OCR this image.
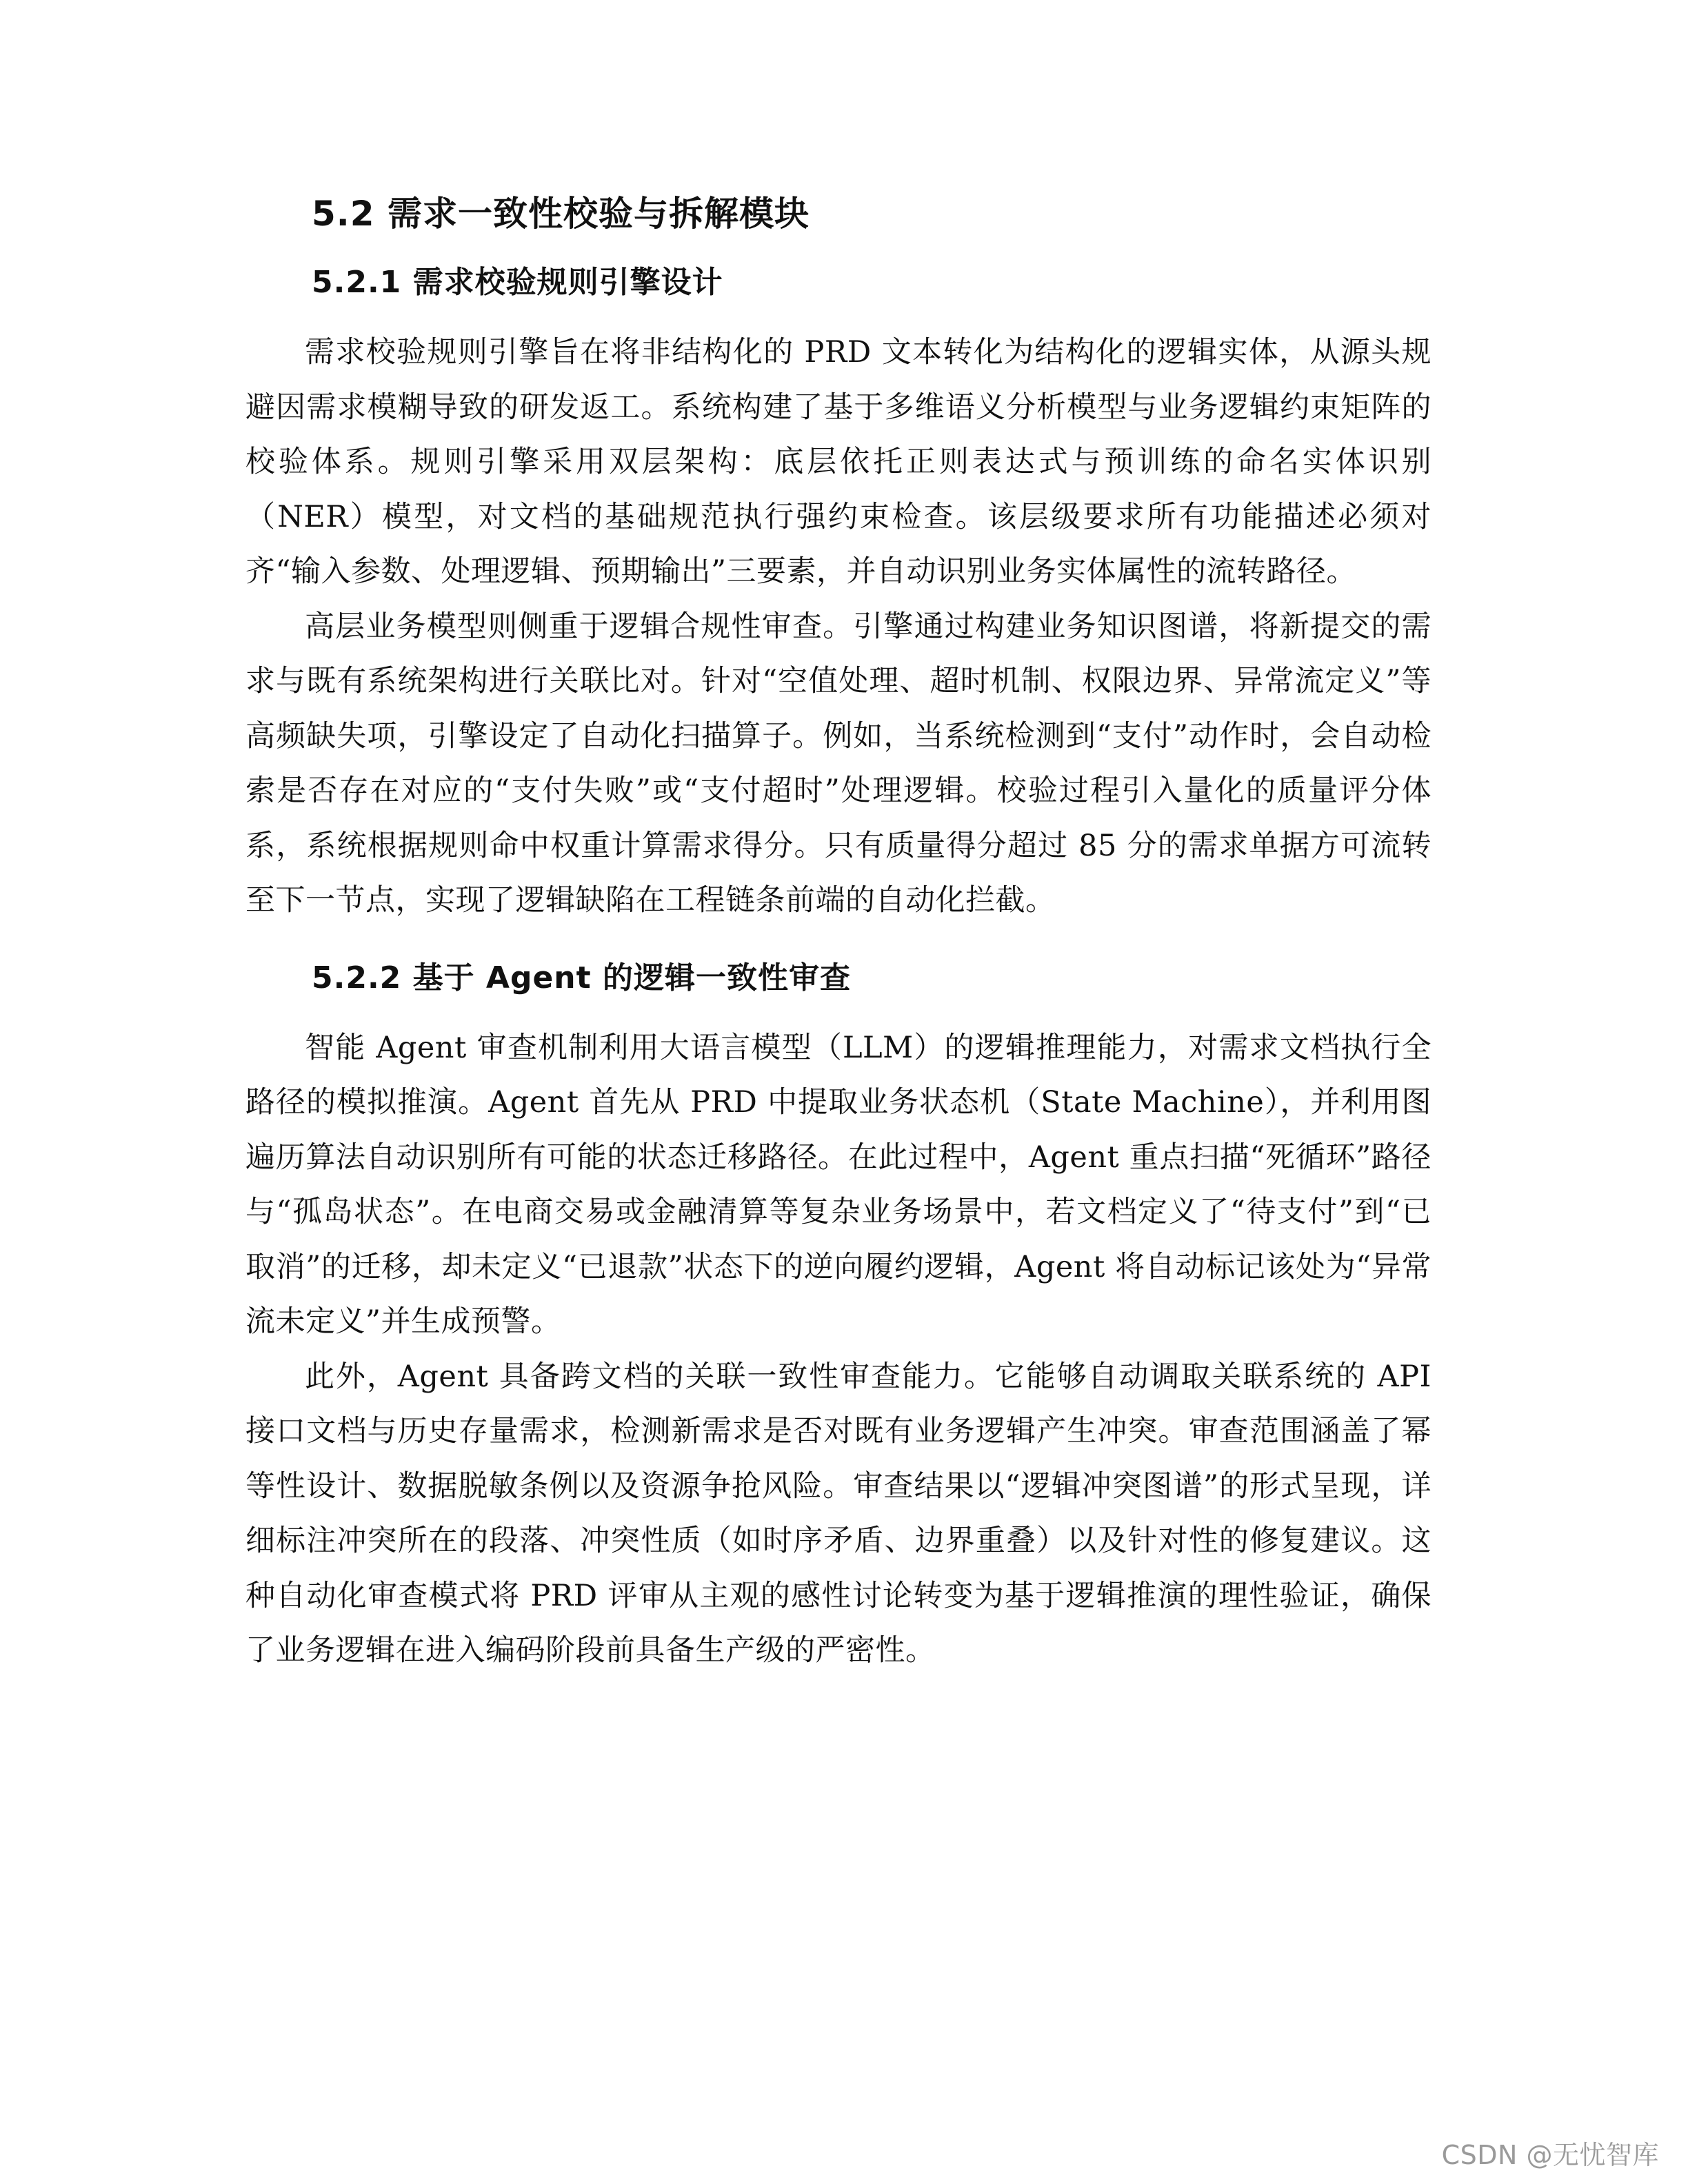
5.2 需求一致性校验与拆解模块
5.2.1 需求校验规则引擎设计

需求校验规则引擎旨在将非结构化的 PRD 文本转化为结构化的逻辑实体，从源头规避因需求模糊导致的研发返工。系统构建了基于多维语义分析模型与业务逻辑约束矩阵的校验体系。规则引擎采用双层架构：底层依托正则表达式与预训练的命名实体识别（NER）模型，对文档的基础规范执行强约束检查。该层级要求所有功能描述必须对齐“输入参数、处理逻辑、预期输出”三要素，并自动识别业务实体属性的流转路径。

高层业务模型则侧重于逻辑合规性审查。引擎通过构建业务知识图谱，将新提交的需求与既有系统架构进行关联比对。针对“空值处理、超时机制、权限边界、异常流定义”等高频缺失项，引擎设定了自动化扫描算子。例如，当系统检测到“支付”动作时，会自动检索是否存在对应的“支付失败”或“支付超时”处理逻辑。校验过程引入量化的质量评分体系，系统根据规则命中权重计算需求得分。只有质量得分超过 85 分的需求单据方可流转至下一节点，实现了逻辑缺陷在工程链条前端的自动化拦截。

5.2.2 基于 Agent 的逻辑一致性审查

智能 Agent 审查机制利用大语言模型（LLM）的逻辑推理能力，对需求文档执行全路径的模拟推演。Agent 首先从 PRD 中提取业务状态机（State Machine），并利用图遍历算法自动识别所有可能的状态迁移路径。在此过程中，Agent 重点扫描“死循环”路径与“孤岛状态”。在电商交易或金融清算等复杂业务场景中，若文档定义了“待支付”到“已取消”的迁移，却未定义“已退款”状态下的逆向履约逻辑，Agent 将自动标记该处为“异常流未定义”并生成预警。

此外，Agent 具备跨文档的关联一致性审查能力。它能够自动调取关联系统的 API 接口文档与历史存量需求，检测新需求是否对既有业务逻辑产生冲突。审查范围涵盖了幂等性设计、数据脱敏条例以及资源争抢风险。审查结果以“逻辑冲突图谱”的形式呈现，详细标注冲突所在的段落、冲突性质（如时序矛盾、边界重叠）以及针对性的修复建议。这种自动化审查模式将 PRD 评审从主观的感性讨论转变为基于逻辑推演的理性验证，确保了业务逻辑在进入编码阶段前具备生产级的严密性。

CSDN @无忧智库
